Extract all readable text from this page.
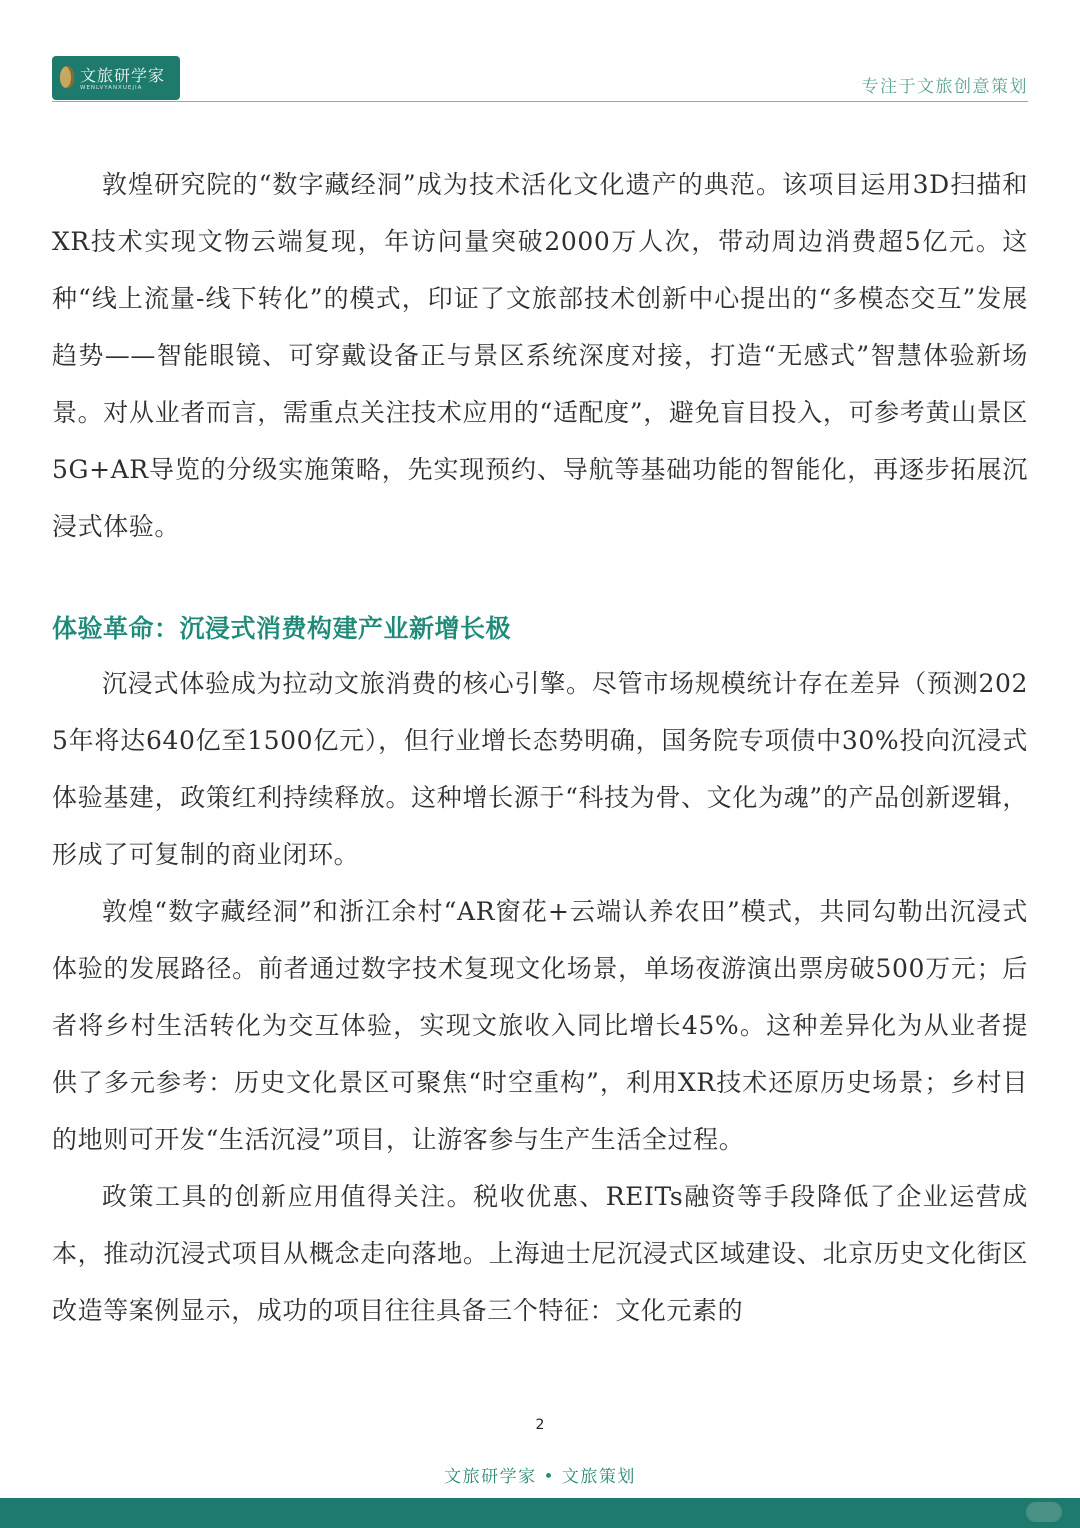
文旅研学家
WENLVYANXUEJIA	专注于文旅创意策划

敦煌研究院的“数字藏经洞”成为技术活化文化遗产的典范。该项目运用3D扫描和XR技术实现文物云端复现，年访问量突破2000万人次，带动周边消费超5亿元。这种“线上流量-线下转化”的模式，印证了文旅部技术创新中心提出的“多模态交互”发展趋势——智能眼镜、可穿戴设备正与景区系统深度对接，打造“无感式”智慧体验新场景。对从业者而言，需重点关注技术应用的“适配度”，避免盲目投入，可参考黄山景区5G+AR导览的分级实施策略，先实现预约、导航等基础功能的智能化，再逐步拓展沉浸式体验。

体验革命：沉浸式消费构建产业新增长极

沉浸式体验成为拉动文旅消费的核心引擎。尽管市场规模统计存在差异（预测2025年将达640亿至1500亿元），但行业增长态势明确，国务院专项债中30%投向沉浸式体验基建，政策红利持续释放。这种增长源于“科技为骨、文化为魂”的产品创新逻辑，形成了可复制的商业闭环。

敦煌“数字藏经洞”和浙江余村“AR窗花+云端认养农田”模式，共同勾勒出沉浸式体验的发展路径。前者通过数字技术复现文化场景，单场夜游演出票房破500万元；后者将乡村生活转化为交互体验，实现文旅收入同比增长45%。这种差异化为从业者提供了多元参考：历史文化景区可聚焦“时空重构”，利用XR技术还原历史场景；乡村目的地则可开发“生活沉浸”项目，让游客参与生产生活全过程。

政策工具的创新应用值得关注。税收优惠、REITs融资等手段降低了企业运营成本，推动沉浸式项目从概念走向落地。上海迪士尼沉浸式区域建设、北京历史文化街区改造等案例显示，成功的项目往往具备三个特征：文化元素的

2
文旅研学家 • 文旅策划
